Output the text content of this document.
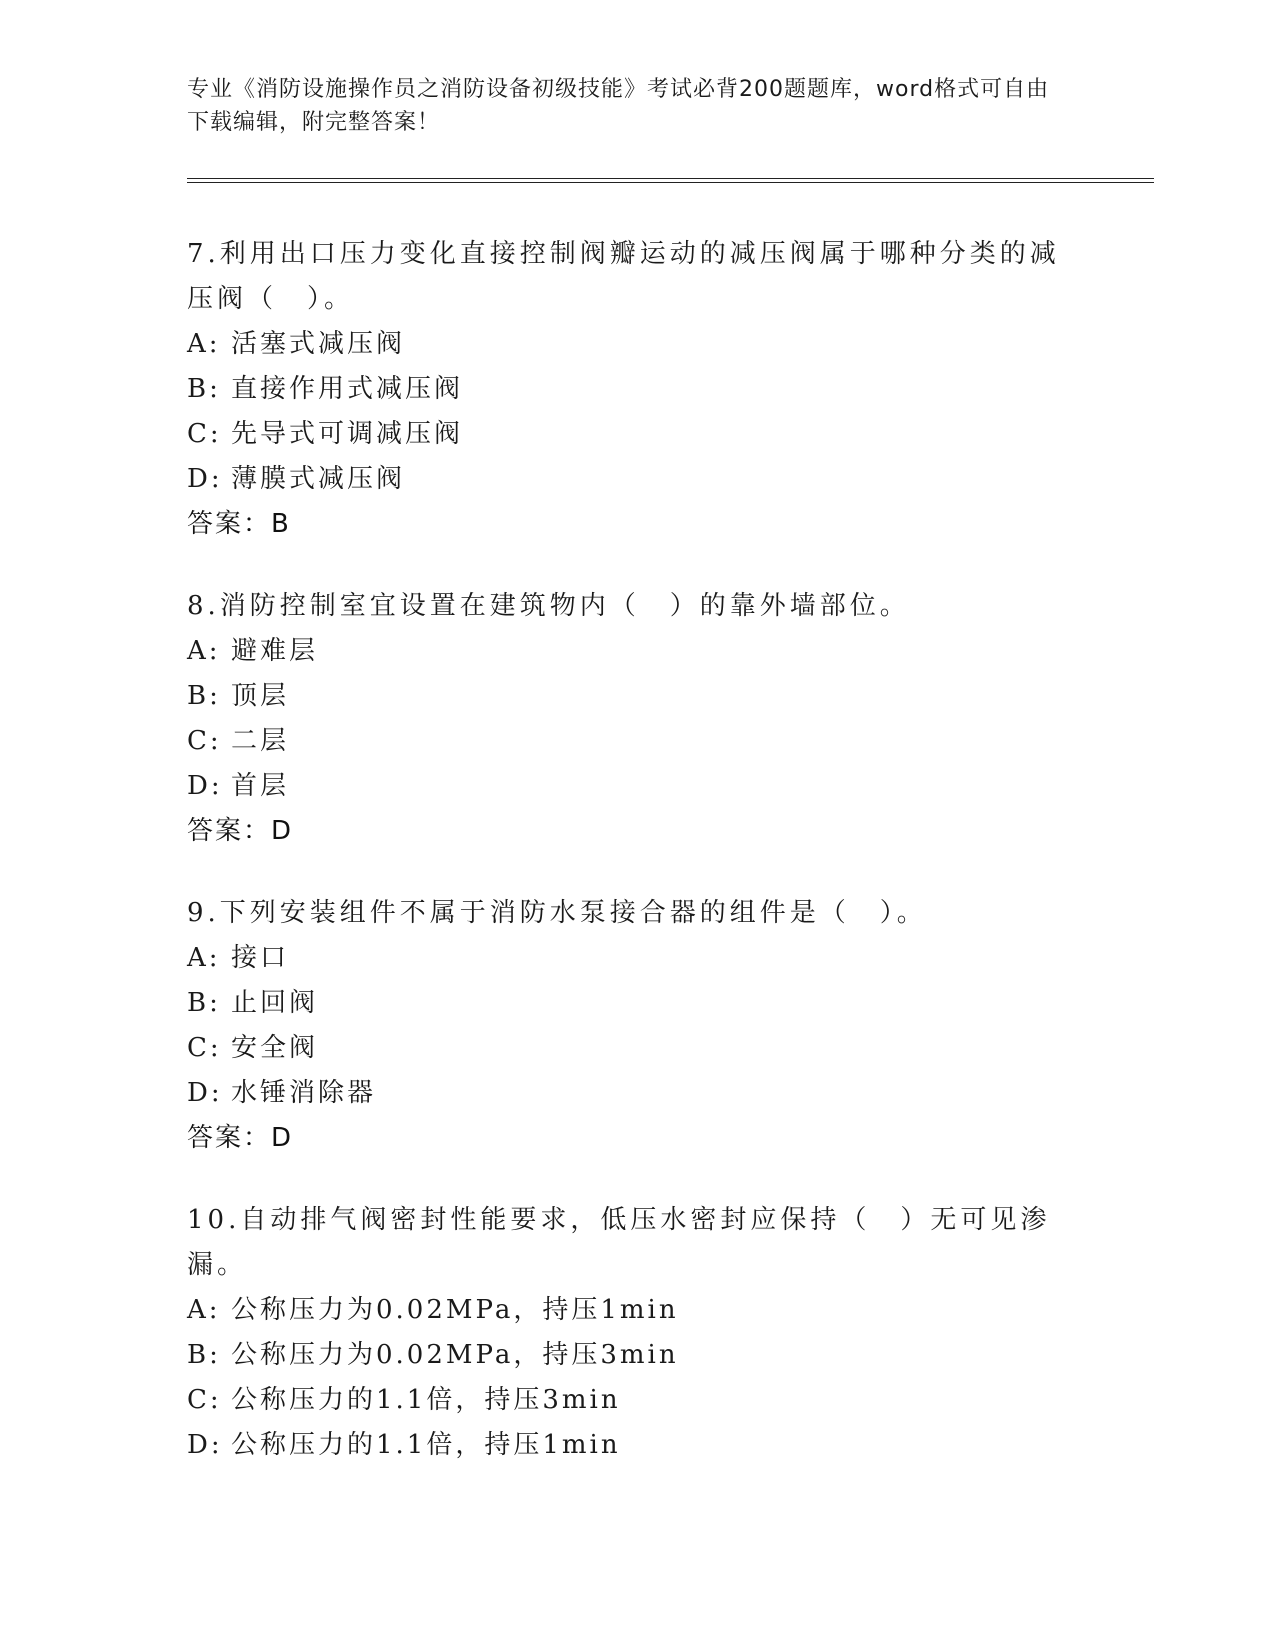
专业《消防设施操作员之消防设备初级技能》考试必背200题题库，word格式可自由下载编辑，附完整答案！

7.利用出口压力变化直接控制阀瓣运动的减压阀属于哪种分类的减压阀（　）。

A: 活塞式减压阀
B: 直接作用式减压阀
C: 先导式可调减压阀
D: 薄膜式减压阀
答案：B

8.消防控制室宜设置在建筑物内（　）的靠外墙部位。

A: 避难层
B: 顶层
C: 二层
D: 首层
答案：D

9.下列安装组件不属于消防水泵接合器的组件是（　）。

A: 接口
B: 止回阀
C: 安全阀
D: 水锤消除器
答案：D

10.自动排气阀密封性能要求，低压水密封应保持（　）无可见渗漏。

A: 公称压力为0.02MPa，持压1min
B: 公称压力为0.02MPa，持压3min
C: 公称压力的1.1倍，持压3min
D: 公称压力的1.1倍，持压1min
